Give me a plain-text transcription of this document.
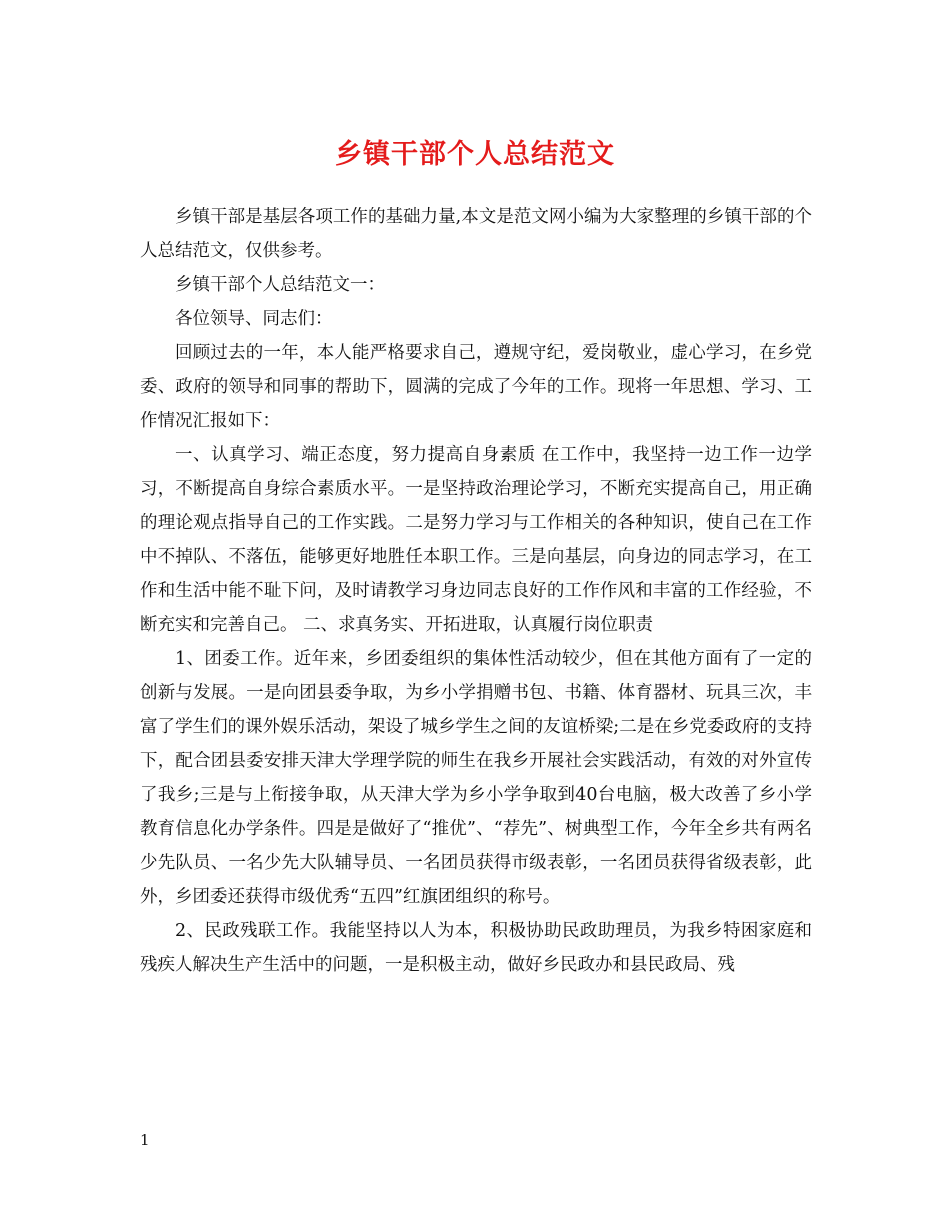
乡镇干部个人总结范文

乡镇干部是基层各项工作的基础力量,本文是范文网小编为大家整理的乡镇干部的个人总结范文，仅供参考。

乡镇干部个人总结范文一：

各位领导、同志们：

回顾过去的一年，本人能严格要求自己，遵规守纪，爱岗敬业，虚心学习，在乡党委、政府的领导和同事的帮助下，圆满的完成了今年的工作。现将一年思想、学习、工作情况汇报如下：

一、认真学习、端正态度，努力提高自身素质 在工作中，我坚持一边工作一边学习，不断提高自身综合素质水平。一是坚持政治理论学习，不断充实提高自己，用正确的理论观点指导自己的工作实践。二是努力学习与工作相关的各种知识，使自己在工作中不掉队、不落伍，能够更好地胜任本职工作。三是向基层，向身边的同志学习，在工作和生活中能不耻下问，及时请教学习身边同志良好的工作作风和丰富的工作经验，不断充实和完善自己。 二、求真务实、开拓进取，认真履行岗位职责

1、团委工作。近年来，乡团委组织的集体性活动较少，但在其他方面有了一定的创新与发展。一是向团县委争取，为乡小学捐赠书包、书籍、体育器材、玩具三次，丰富了学生们的课外娱乐活动，架设了城乡学生之间的友谊桥梁;二是在乡党委政府的支持下，配合团县委安排天津大学理学院的师生在我乡开展社会实践活动，有效的对外宣传了我乡;三是与上衔接争取，从天津大学为乡小学争取到40台电脑，极大改善了乡小学教育信息化办学条件。四是是做好了“推优”、“荐先”、树典型工作，今年全乡共有两名少先队员、一名少先大队辅导员、一名团员获得市级表彰，一名团员获得省级表彰，此外，乡团委还获得市级优秀“五四”红旗团组织的称号。

2、民政残联工作。我能坚持以人为本，积极协助民政助理员，为我乡特困家庭和残疾人解决生产生活中的问题，一是积极主动，做好乡民政办和县民政局、残

1
